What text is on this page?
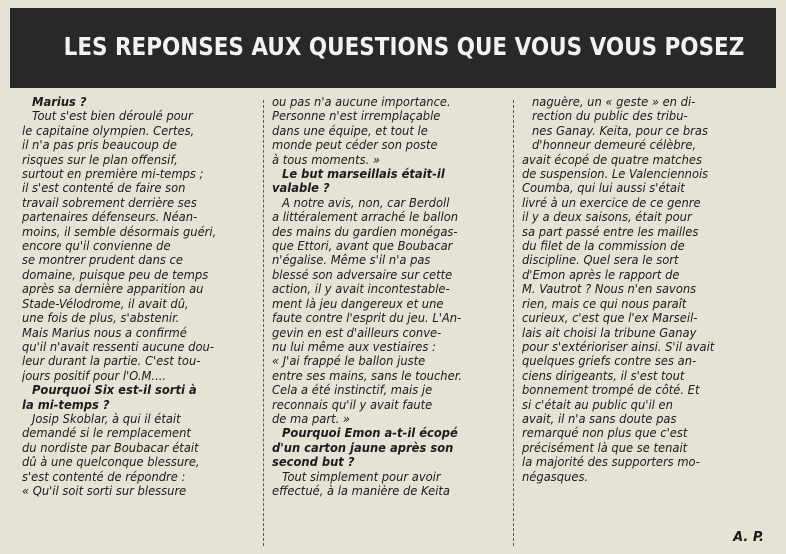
LES REPONSES AUX QUESTIONS QUE VOUS VOUS POSEZ
Marius ?
Tout s'est bien déroulé pour
le capitaine olympien. Certes,
il n'a pas pris beaucoup de
risques sur le plan offensif,
surtout en première mi-temps ;
il s'est contenté de faire son
travail sobrement derrière ses
partenaires défenseurs. Néan-
moins, il semble désormais guéri,
encore qu'il convienne de
se montrer prudent dans ce
domaine, puisque peu de temps
après sa dernière apparition au
Stade-Vélodrome, il avait dû,
une fois de plus, s'abstenir.
Mais Marius nous a confirmé
qu'il n'avait ressenti aucune dou-
leur durant la partie. C'est tou-
jours positif pour l'O.M....
Pourquoi Six est-il sorti à
la mi-temps ?
Josip Skoblar, à qui il était
demandé si le remplacement
du nordiste par Boubacar était
dû à une quelconque blessure,
s'est contenté de répondre :
« Qu'il soit sorti sur blessure
ou pas n'a aucune importance.
Personne n'est irremplaçable
dans une équipe, et tout le
monde peut céder son poste
à tous moments. »
Le but marseillais était-il
valable ?
A notre avis, non, car Berdoll
a littéralement arraché le ballon
des mains du gardien monégas-
que Ettori, avant que Boubacar
n'égalise. Même s'il n'a pas
blessé son adversaire sur cette
action, il y avait incontestable-
ment là jeu dangereux et une
faute contre l'esprit du jeu. L'An-
gevin en est d'ailleurs conve-
nu lui même aux vestiaires :
« J'ai frappé le ballon juste
entre ses mains, sans le toucher.
Cela a été instinctif, mais je
reconnais qu'il y avait faute
de ma part. »
Pourquoi Emon a-t-il écopé
d'un carton jaune après son
second but ?
Tout simplement pour avoir
effectué, à la manière de Keita
naguère, un « geste » en di-
rection du public des tribu-
nes Ganay. Keita, pour ce bras
d'honneur demeuré célèbre,
avait écopé de quatre matches
de suspension. Le Valenciennois
Coumba, qui lui aussi s'était
livré à un exercice de ce genre
il y a deux saisons, était pour
sa part passé entre les mailles
du filet de la commission de
discipline. Quel sera le sort
d'Emon après le rapport de
M. Vautrot ? Nous n'en savons
rien, mais ce qui nous paraît
curieux, c'est que l'ex Marseil-
lais ait choisi la tribune Ganay
pour s'extérioriser ainsi. S'il avait
quelques griefs contre ses an-
ciens dirigeants, il s'est tout
bonnement trompé de côté. Et
si c'était au public qu'il en
avait, il n'a sans doute pas
remarqué non plus que c'est
précisément là que se tenait
la majorité des supporters mo-
négasques.
A. P.
